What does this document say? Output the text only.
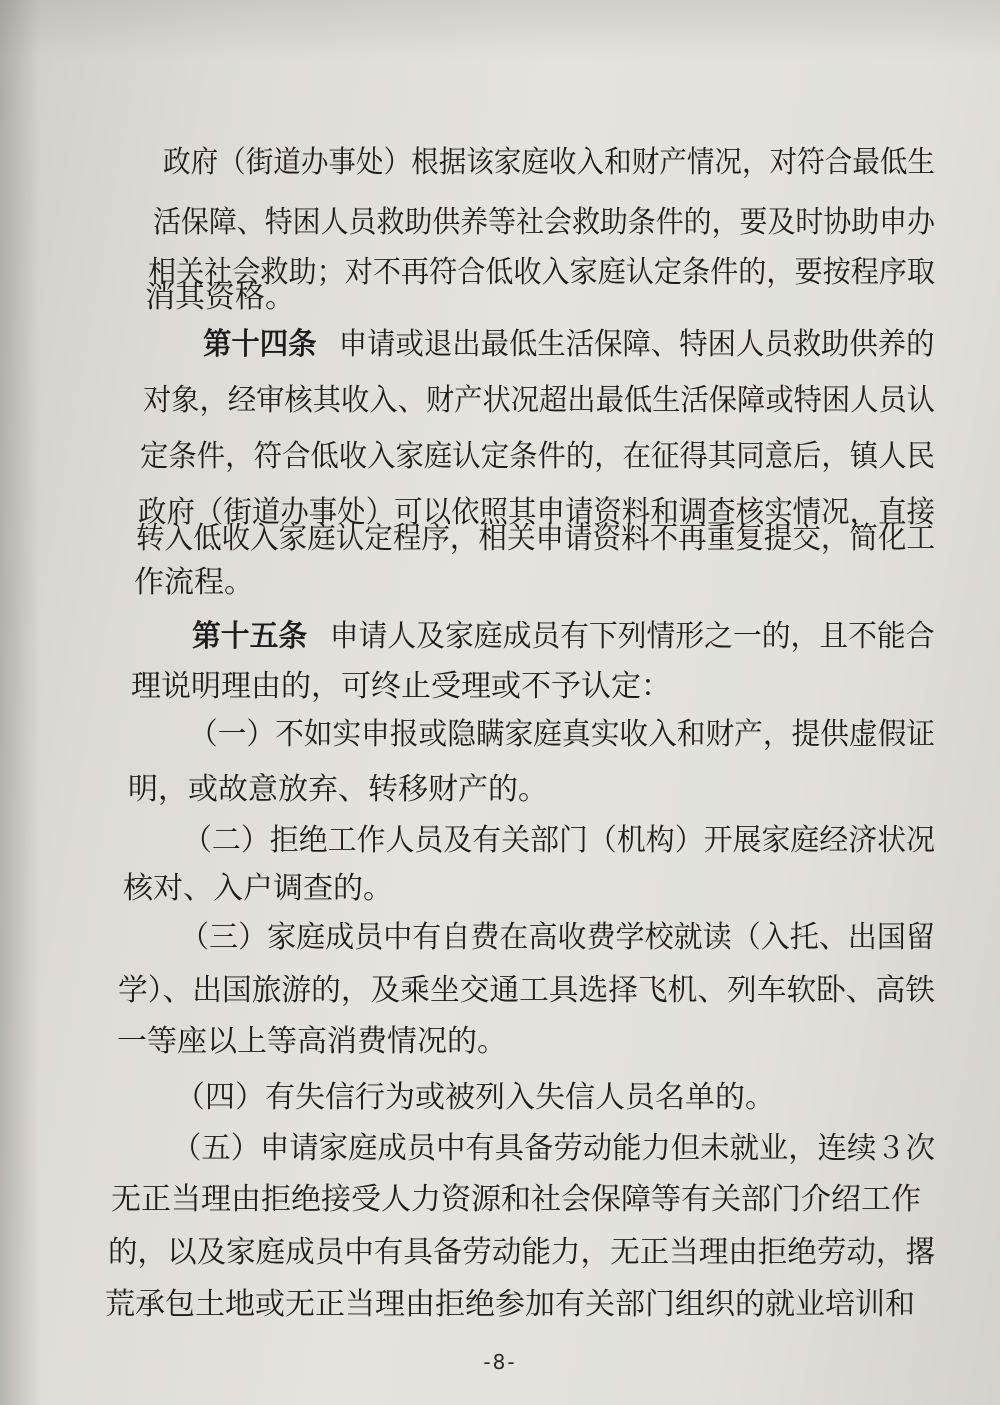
政府（街道办事处）根据该家庭收入和财产情况，对符合最低生
活保障、特困人员救助供养等社会救助条件的，要及时协助申办
相关社会救助；对不再符合低收入家庭认定条件的，要按程序取
消其资格。
第十四条 申请或退出最低生活保障、特困人员救助供养的
对象，经审核其收入、财产状况超出最低生活保障或特困人员认
定条件，符合低收入家庭认定条件的，在征得其同意后，镇人民
政府（街道办事处）可以依照其申请资料和调查核实情况，直接
转入低收入家庭认定程序，相关申请资料不再重复提交，简化工
作流程。
第十五条 申请人及家庭成员有下列情形之一的，且不能合
理说明理由的，可终止受理或不予认定：
（一）不如实申报或隐瞒家庭真实收入和财产，提供虚假证
明，或故意放弃、转移财产的。
（二）拒绝工作人员及有关部门（机构）开展家庭经济状况
核对、入户调查的。
（三）家庭成员中有自费在高收费学校就读（入托、出国留
学）、出国旅游的，及乘坐交通工具选择飞机、列车软卧、高铁
一等座以上等高消费情况的。
（四）有失信行为或被列入失信人员名单的。
（五）申请家庭成员中有具备劳动能力但未就业，连续３次
无正当理由拒绝接受人力资源和社会保障等有关部门介绍工作
的，以及家庭成员中有具备劳动能力，无正当理由拒绝劳动，撂
荒承包土地或无正当理由拒绝参加有关部门组织的就业培训和
-8-
